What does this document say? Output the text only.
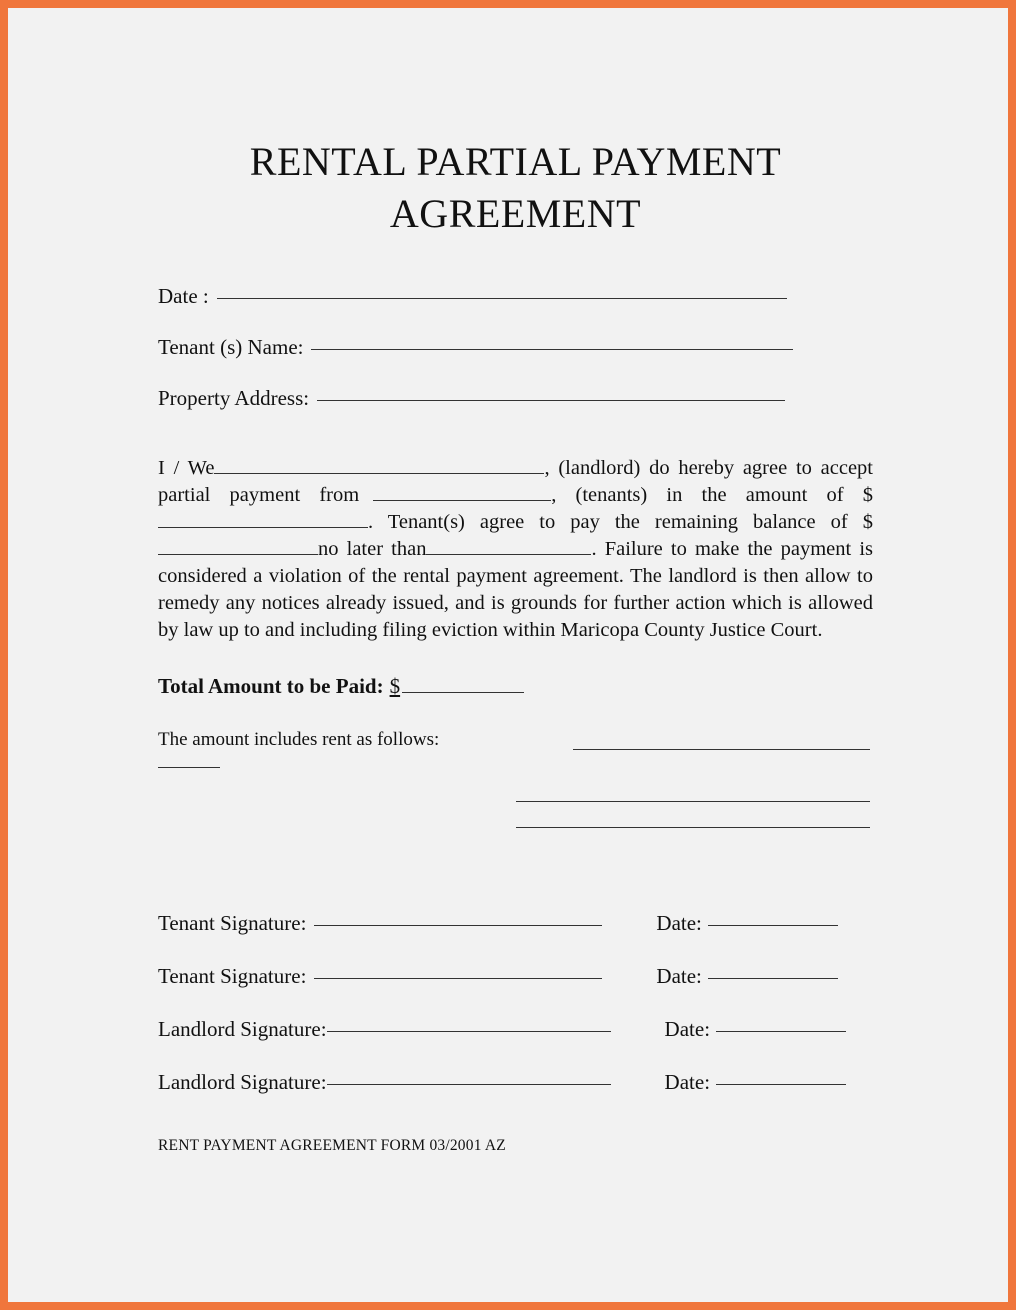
RENTAL PARTIAL PAYMENT
AGREEMENT
Date :
Tenant (s) Name:
Property Address:
I / We	, (landlord) do hereby agree to accept partial payment from	, (tenants) in the amount of $. Tenant(s) agree to pay the remaining balance of $no later than	. Failure to make the payment is considered a violation of the rental payment agreement. The landlord is then allow to remedy any notices already issued, and is grounds for further action which is allowed by law up to and including filing eviction within Maricopa County Justice Court.
Total Amount to be Paid: $
The amount includes rent as follows:
Tenant Signature:	Date:
Tenant Signature:	Date:
Landlord Signature:	Date:
Landlord Signature:	Date:
RENT PAYMENT AGREEMENT FORM 03/2001 AZ
